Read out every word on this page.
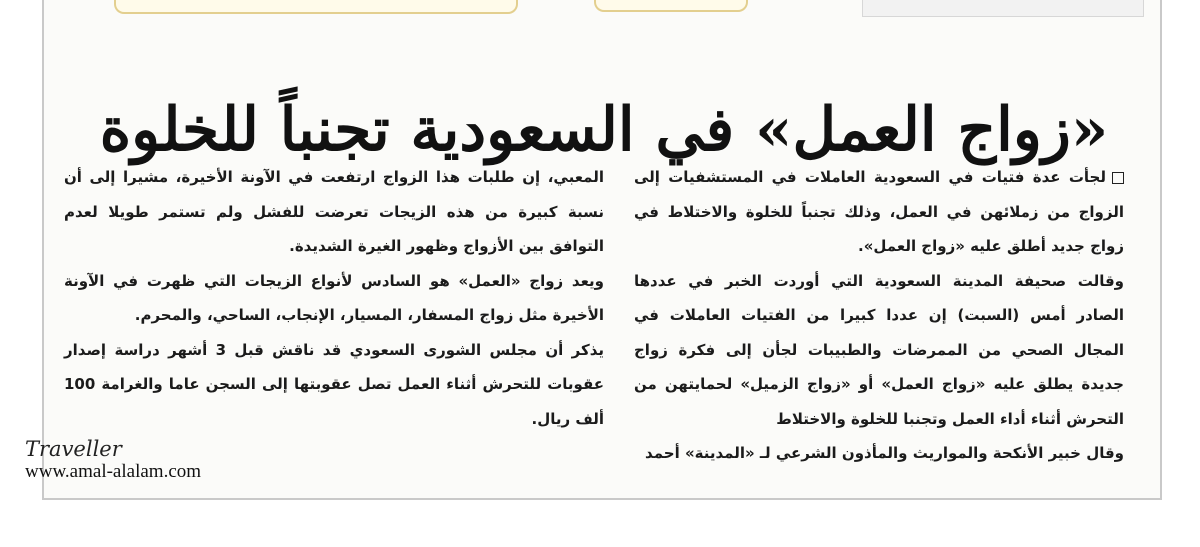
«زواج العمل» في السعودية تجنباً للخلوة

لجأت عدة فتيات في السعودية العاملات في المستشفيات إلى الزواج من زملائهن في العمل، وذلك تجنباً للخلوة والاختلاط في زواج جديد أطلق عليه «زواج العمل».

وقالت صحيفة المدينة السعودية التي أوردت الخبر في عددها الصادر أمس (السبت) إن عددا كبيرا من الفتيات العاملات في المجال الصحي من الممرضات والطبيبات لجأن إلى فكرة زواج جديدة يطلق عليه «زواج العمل» أو «زواج الزميل» لحمايتهن من التحرش أثناء أداء العمل وتجنبا للخلوة والاختلاط

وقال خبير الأنكحة والمواريث والمأذون الشرعي لـ «المدينة» أحمد

المعبي، إن طلبات هذا الزواج ارتفعت في الآونة الأخيرة، مشيرا إلى أن نسبة كبيرة من هذه الزيجات تعرضت للفشل ولم تستمر طويلا لعدم التوافق بين الأزواج وظهور الغيرة الشديدة.

ويعد زواج «العمل» هو السادس لأنواع الزيجات التي ظهرت في الآونة الأخيرة مثل زواج المسفار، المسيار، الإنجاب، الساحي، والمحرم.

يذكر أن مجلس الشورى السعودي قد ناقش قبل 3 أشهر دراسة إصدار عقوبات للتحرش أثناء العمل تصل عقوبتها إلى السجن عاما والغرامة 100 ألف ريال.

Traveller
www.amal-alalam.com
